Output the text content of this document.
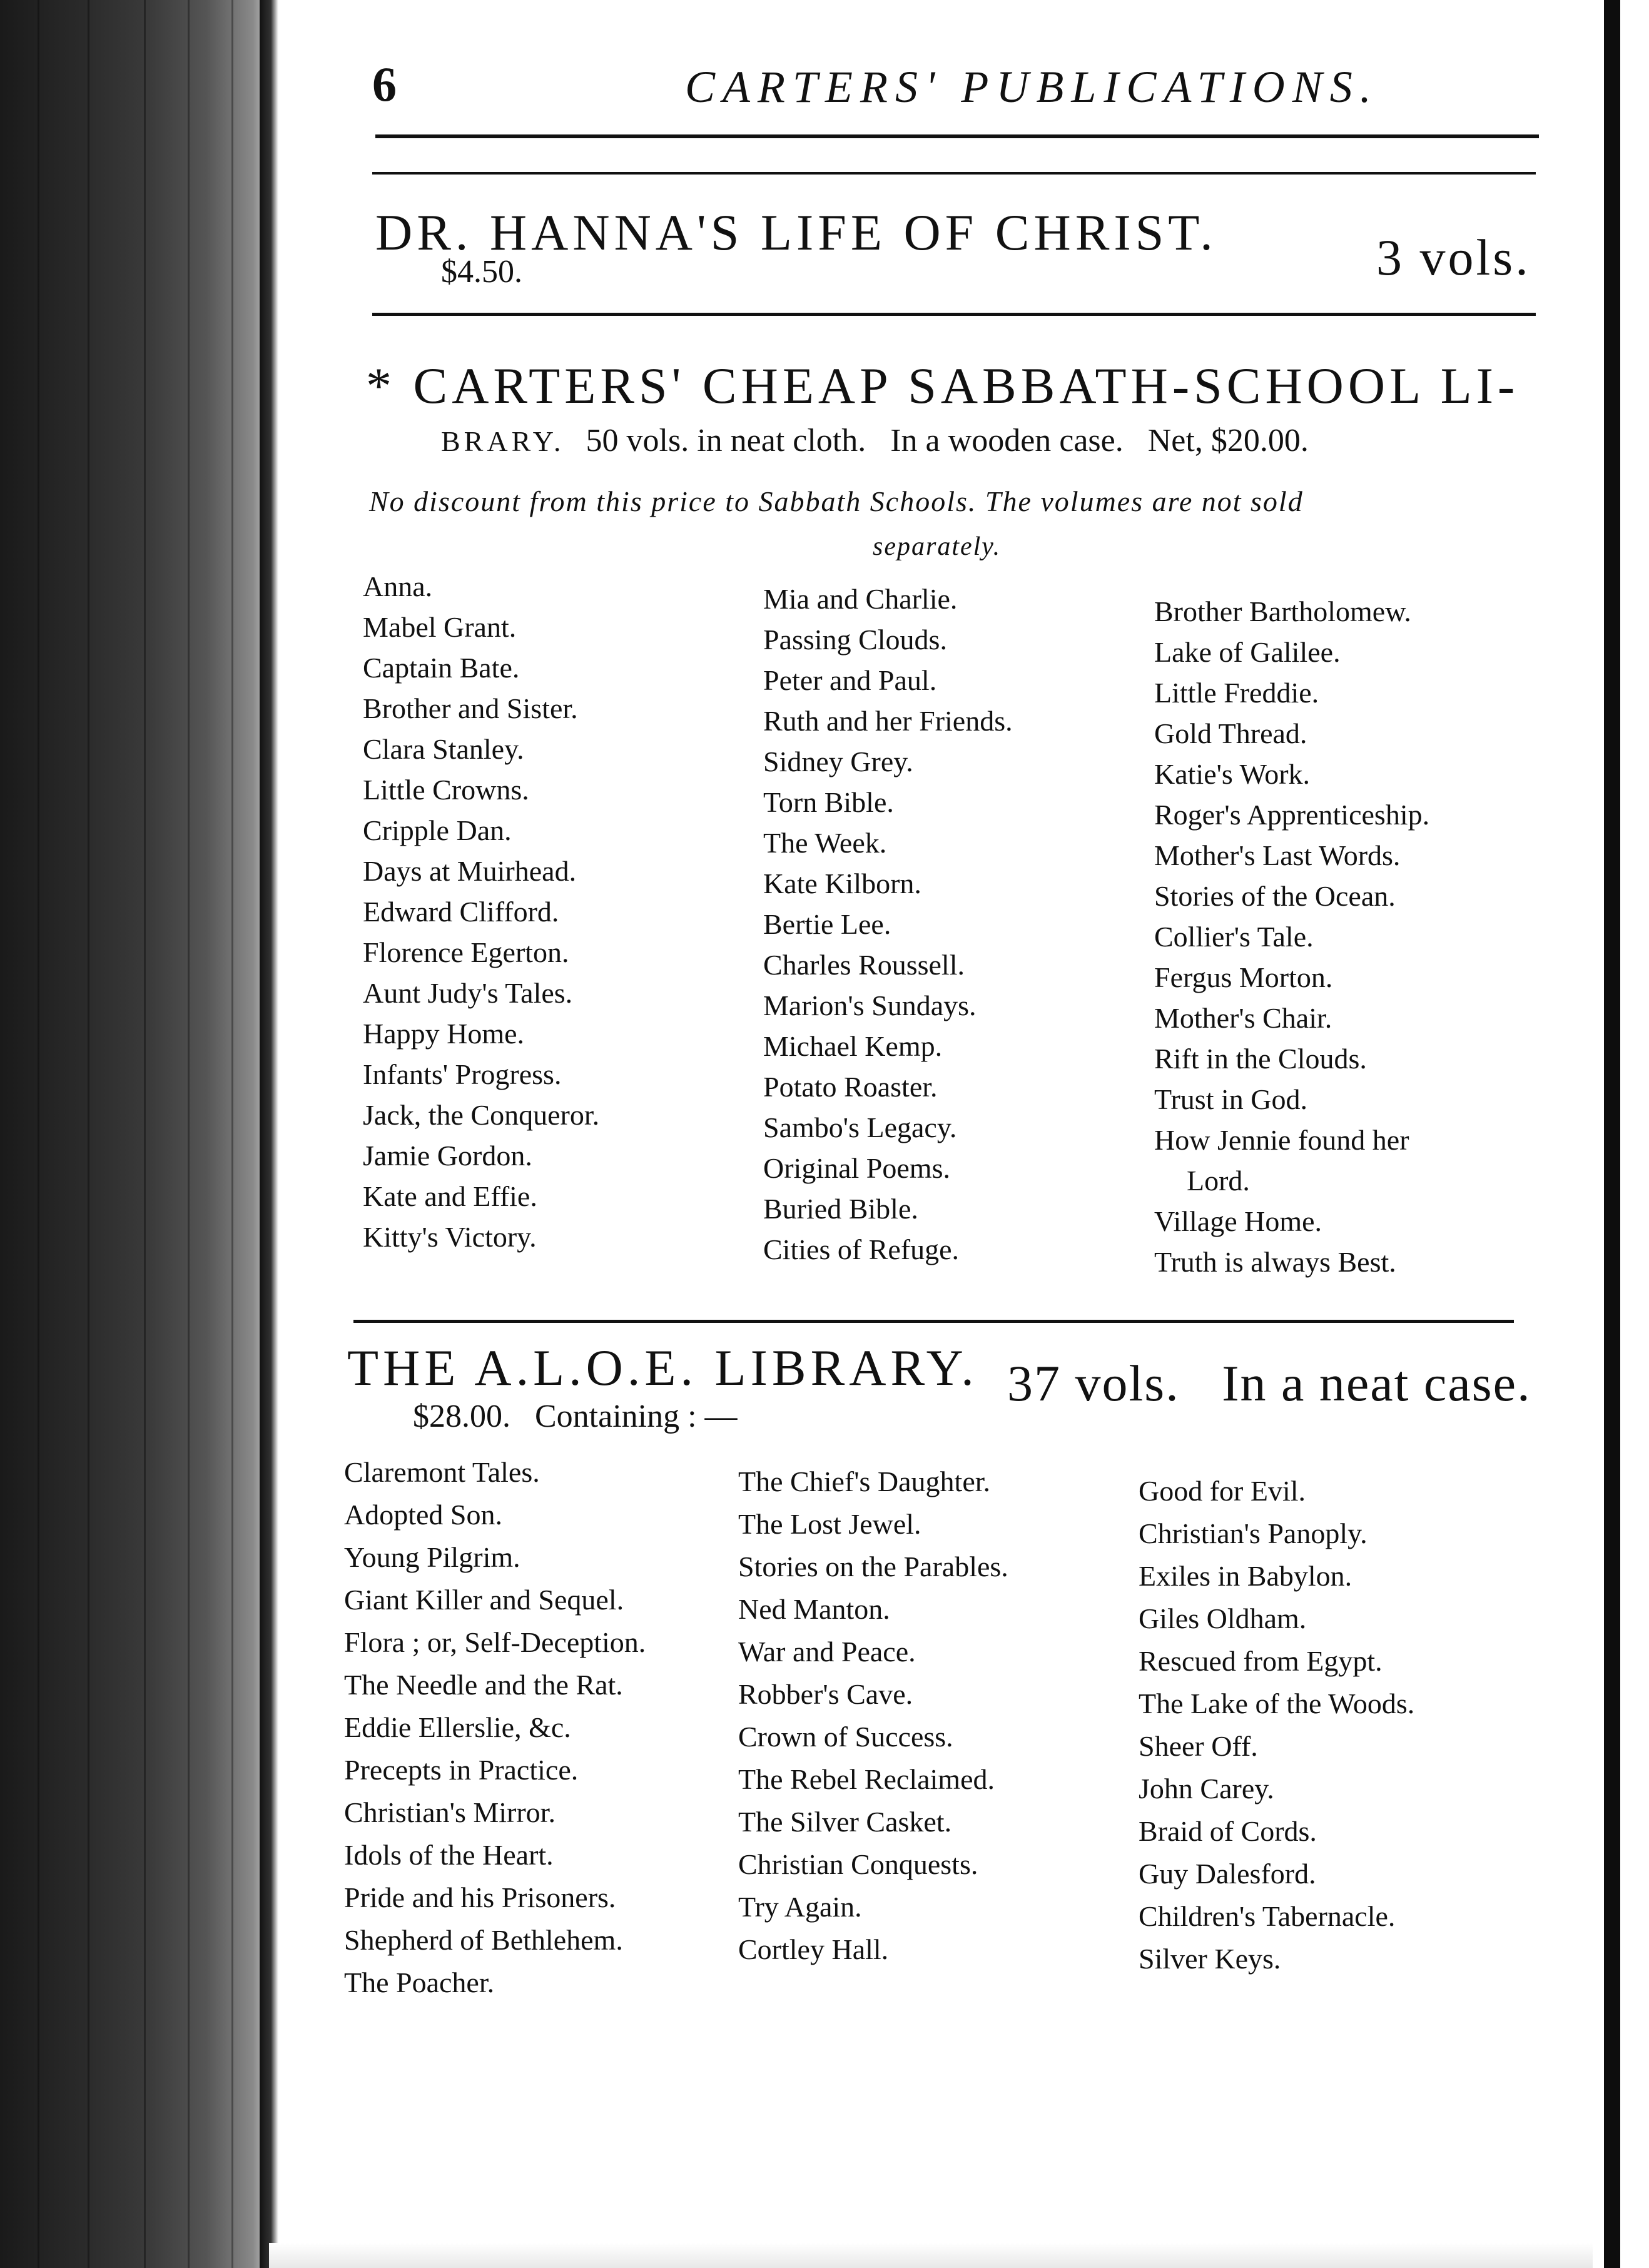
6	CARTERS' PUBLICATIONS.
DR. HANNA'S LIFE OF CHRIST.	3 vols.
$4.50.
* CARTERS' CHEAP SABBATH-SCHOOL LI-
BRARY. 50 vols. in neat cloth.   In a wooden case.   Net, $20.00.
No discount from this price to Sabbath Schools. The volumes are not sold
separately.
Anna.
Mabel Grant.
Captain Bate.
Brother and Sister.
Clara Stanley.
Little Crowns.
Cripple Dan.
Days at Muirhead.
Edward Clifford.
Florence Egerton.
Aunt Judy's Tales.
Happy Home.
Infants' Progress.
Jack, the Conqueror.
Jamie Gordon.
Kate and Effie.
Kitty's Victory.
Mia and Charlie.
Passing Clouds.
Peter and Paul.
Ruth and her Friends.
Sidney Grey.
Torn Bible.
The Week.
Kate Kilborn.
Bertie Lee.
Charles Roussell.
Marion's Sundays.
Michael Kemp.
Potato Roaster.
Sambo's Legacy.
Original Poems.
Buried Bible.
Cities of Refuge.
Brother Bartholomew.
Lake of Galilee.
Little Freddie.
Gold Thread.
Katie's Work.
Roger's Apprenticeship.
Mother's Last Words.
Stories of the Ocean.
Collier's Tale.
Fergus Morton.
Mother's Chair.
Rift in the Clouds.
Trust in God.
How Jennie found her
Lord.
Village Home.
Truth is always Best.
THE A.L.O.E. LIBRARY. 37 vols.   In a neat case.
$28.00.   Containing : —
Claremont Tales.
Adopted Son.
Young Pilgrim.
Giant Killer and Sequel.
Flora ; or, Self-Deception.
The Needle and the Rat.
Eddie Ellerslie, &c.
Precepts in Practice.
Christian's Mirror.
Idols of the Heart.
Pride and his Prisoners.
Shepherd of Bethlehem.
The Poacher.
The Chief's Daughter.
The Lost Jewel.
Stories on the Parables.
Ned Manton.
War and Peace.
Robber's Cave.
Crown of Success.
The Rebel Reclaimed.
The Silver Casket.
Christian Conquests.
Try Again.
Cortley Hall.
Good for Evil.
Christian's Panoply.
Exiles in Babylon.
Giles Oldham.
Rescued from Egypt.
The Lake of the Woods.
Sheer Off.
John Carey.
Braid of Cords.
Guy Dalesford.
Children's Tabernacle.
Silver Keys.
